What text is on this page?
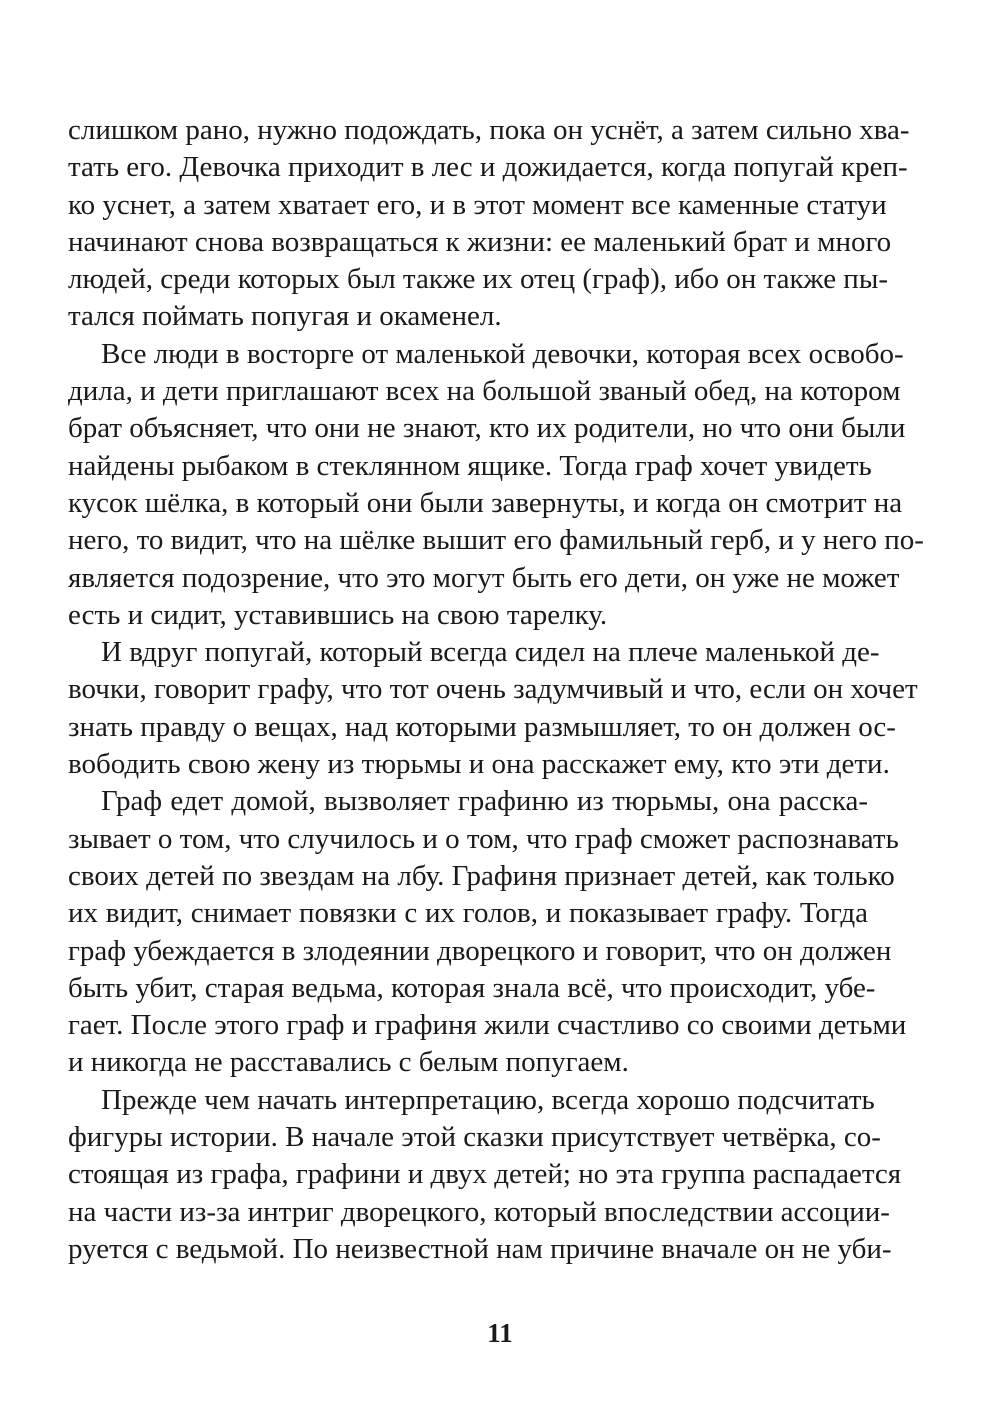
слишком рано, нужно подождать, пока он уснёт, а затем сильно хва-
тать его. Девочка приходит в лес и дожидается, когда попугай креп-
ко уснет, а затем хватает его, и в этот момент все каменные статуи
начинают снова возвращаться к жизни: ее маленький брат и много
людей, среди которых был также их отец (граф), ибо он также пы-
тался поймать попугая и окаменел.
Все люди в восторге от маленькой девочки, которая всех освобо-
дила, и дети приглашают всех на большой званый обед, на котором
брат объясняет, что они не знают, кто их родители, но что они были
найдены рыбаком в стеклянном ящике. Тогда граф хочет увидеть
кусок шёлка, в который они были завернуты, и когда он смотрит на
него, то видит, что на шёлке вышит его фамильный герб, и у него по-
является подозрение, что это могут быть его дети, он уже не может
есть и сидит, уставившись на свою тарелку.
И вдруг попугай, который всегда сидел на плече маленькой де-
вочки, говорит графу, что тот очень задумчивый и что, если он хочет
знать правду о вещах, над которыми размышляет, то он должен ос-
вободить свою жену из тюрьмы и она расскажет ему, кто эти дети.
Граф едет домой, вызволяет графиню из тюрьмы, она расска-
зывает о том, что случилось и о том, что граф сможет распознавать
своих детей по звездам на лбу. Графиня признает детей, как только
их видит, снимает повязки с их голов, и показывает графу. Тогда
граф убеждается в злодеянии дворецкого и говорит, что он должен
быть убит, старая ведьма, которая знала всё, что происходит, убе-
гает. После этого граф и графиня жили счастливо со своими детьми
и никогда не расставались с белым попугаем.
Прежде чем начать интерпретацию, всегда хорошо подсчитать
фигуры истории. В начале этой сказки присутствует четвёрка, со-
стоящая из графа, графини и двух детей; но эта группа распадается
на части из-за интриг дворецкого, который впоследствии ассоции-
руется с ведьмой. По неизвестной нам причине вначале он не уби-
11
